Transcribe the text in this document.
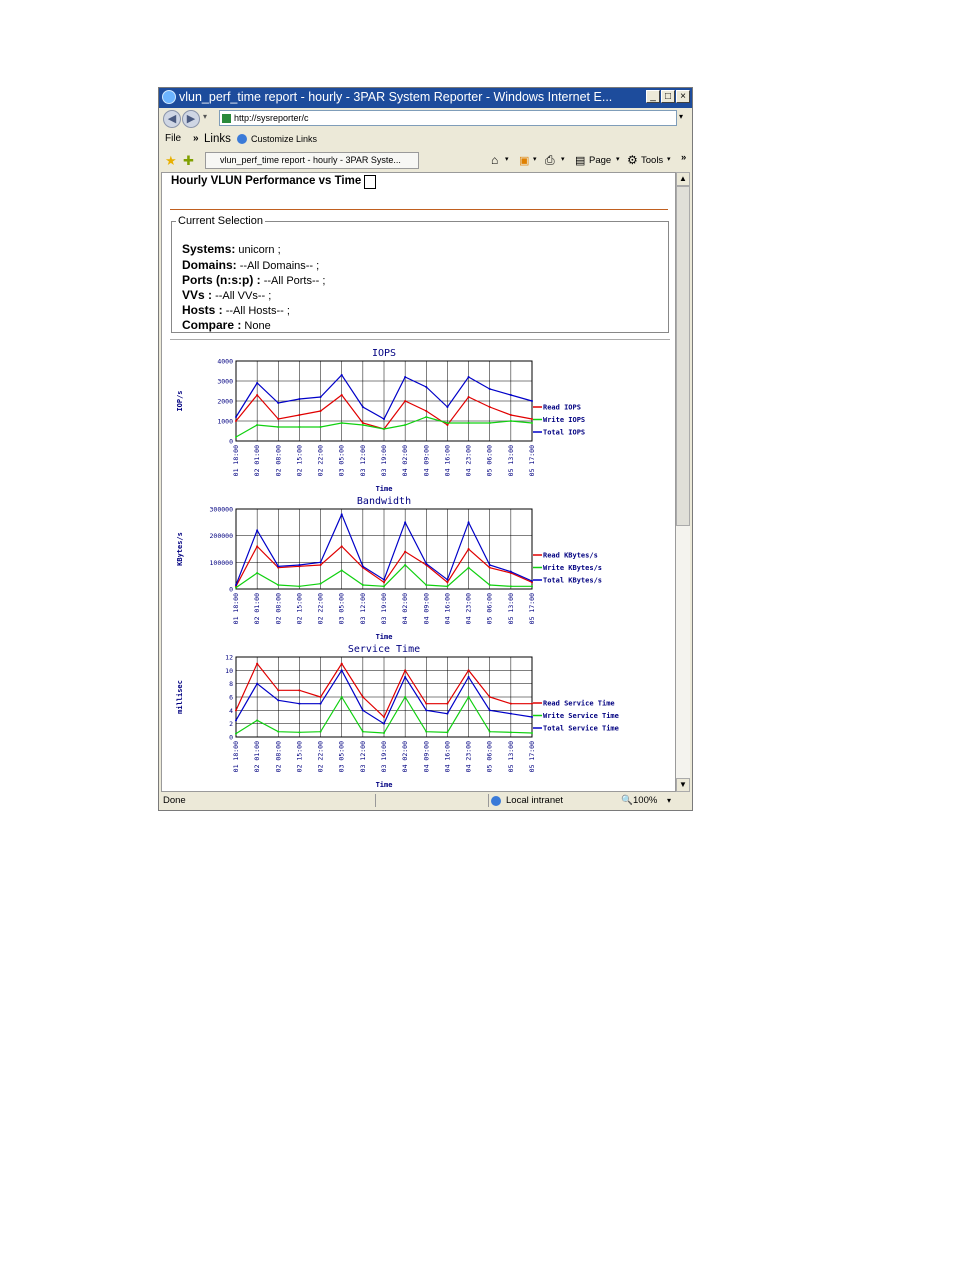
vlun_perf_time report - hourly - 3PAR System Reporter - Windows Internet E...	_ □ ×
◀ ▶ ▾	http://sysreporter/c	▾
File » Links Customize Links
★ ✚	vlun_perf_time report - hourly - 3PAR Syste...	⌂ ▾ ▣ ▾ ⎙ ▾ ▤ Page ▾ ⚙ Tools ▾ »
Hourly VLUN Performance vs Time
Systems: unicorn ;
Domains: --All Domains-- ;
Ports (n:s:p) : --All Ports-- ;
VVs : --All VVs-- ;
Hosts : --All Hosts-- ;
Compare : None
Current Selection
IOPS
0
1000
2000
3000
4000
01 18:00 02 01:00 02 08:00 02 15:00 02 22:00 03 05:00 03 12:00 03 19:00 04 02:00 04 09:00 04 16:00 04 23:00 05 06:00 05 13:00 05 17:00
Time
IOP/s	Read IOPS
Write IOPS
Total IOPS
Bandwidth
0
100000
200000
300000
01 18:00 02 01:00 02 08:00 02 15:00 02 22:00 03 05:00 03 12:00 03 19:00 04 02:00 04 09:00 04 16:00 04 23:00 05 06:00 05 13:00 05 17:00
Time
KBytes/s	Read KBytes/s
Write KBytes/s
Total KBytes/s
Service Time
0
2
4
6
8
10
12
01 18:00 02 01:00 02 08:00 02 15:00 02 22:00 03 05:00 03 12:00 03 19:00 04 02:00 04 09:00 04 16:00 04 23:00 05 06:00 05 13:00 05 17:00
Time
millisec	Read Service Time
Write Service Time
Total Service Time
▲
▼
Done	Local intranet	🔍 100% ▾
